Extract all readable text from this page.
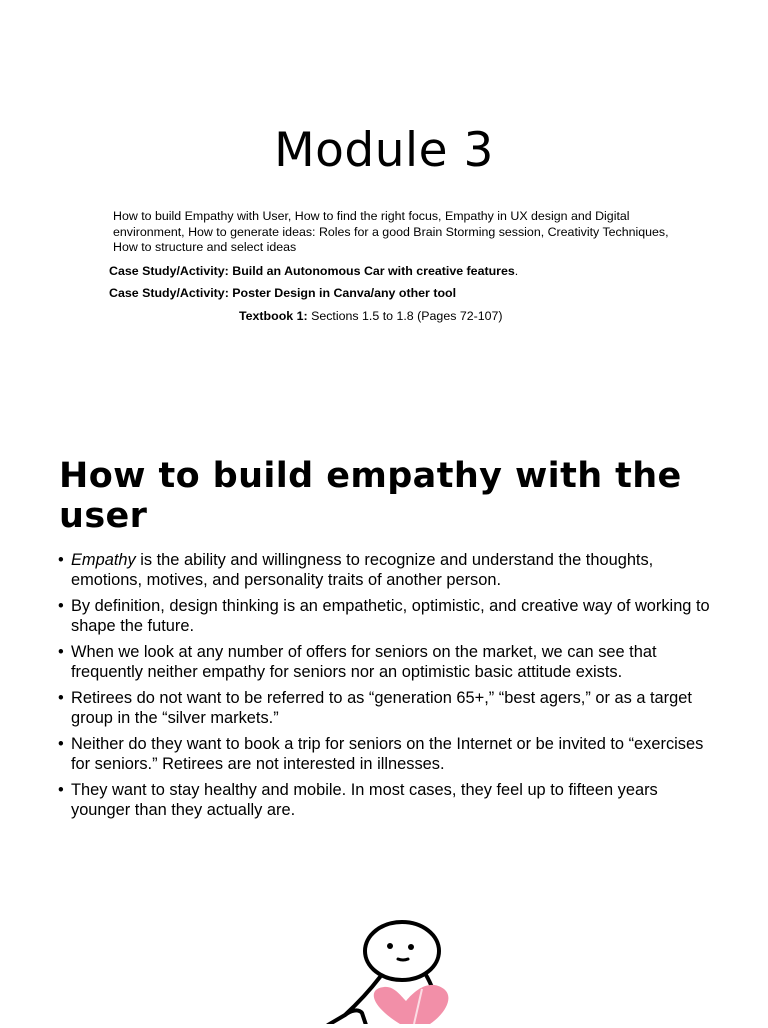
Module 3

How to build Empathy with User, How to find the right focus, Empathy in UX design and Digital environment, How to generate ideas: Roles for a good Brain Storming session, Creativity Techniques, How to structure and select ideas

Case Study/Activity: Build an Autonomous Car with creative features.

Case Study/Activity: Poster Design in Canva/any other tool

Textbook 1: Sections 1.5 to 1.8 (Pages 72-107)

How to build empathy with the user
• Empathy is the ability and willingness to recognize and understand the thoughts, emotions, motives, and personality traits of another person.
• By definition, design thinking is an empathetic, optimistic, and creative way of working to shape the future.
• When we look at any number of offers for seniors on the market, we can see that frequently neither empathy for seniors nor an optimistic basic attitude exists.
• Retirees do not want to be referred to as “generation 65+,” “best agers,” or as a target group in the “silver markets.”
• Neither do they want to book a trip for seniors on the Internet or be invited to “exercises for seniors.” Retirees are not interested in illnesses.
• They want to stay healthy and mobile. In most cases, they feel up to fifteen years younger than they actually are.
